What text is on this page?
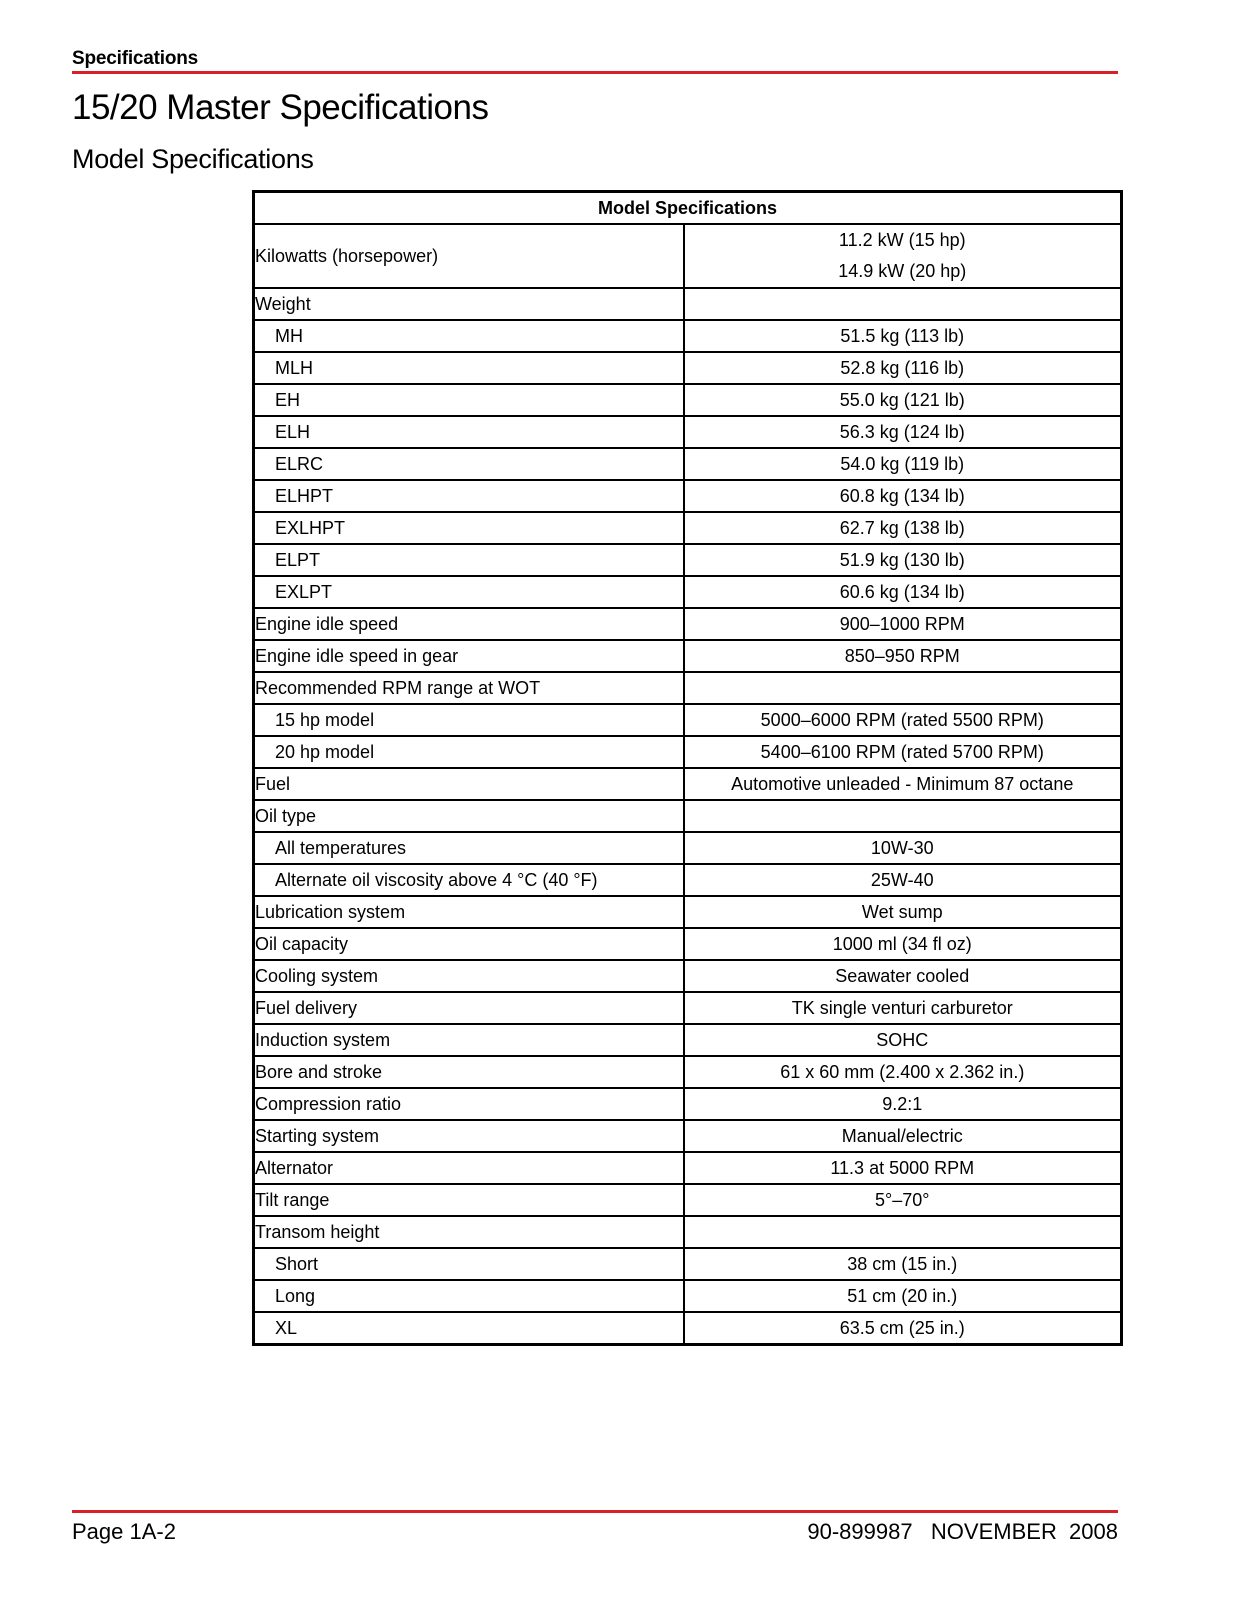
Specifications
15/20 Master Specifications
Model Specifications
Model Specifications	
Kilowatts (horsepower)	11.2 kW (15 hp)
14.9 kW (20 hp)

Weight	
MH	51.5 kg (113 lb)
MLH	52.8 kg (116 lb)
EH	55.0 kg (121 lb)
ELH	56.3 kg (124 lb)
ELRC	54.0 kg (119 lb)
ELHPT	60.8 kg (134 lb)
EXLHPT	62.7 kg (138 lb)
ELPT	51.9 kg (130 lb)
EXLPT	60.6 kg (134 lb)
Engine idle speed	900–1000 RPM
Engine idle speed in gear	850–950 RPM
Recommended RPM range at WOT	
15 hp model	5000–6000 RPM (rated 5500 RPM)
20 hp model	5400–6100 RPM (rated 5700 RPM)
Fuel	Automotive unleaded - Minimum 87 octane
Oil type	
All temperatures	10W-30
Alternate oil viscosity above 4 °C (40 °F)	25W-40
Lubrication system	Wet sump
Oil capacity	1000 ml (34 fl oz)
Cooling system	Seawater cooled
Fuel delivery	TK single venturi carburetor
Induction system	SOHC
Bore and stroke	61 x 60 mm (2.400 x 2.362 in.)
Compression ratio	9.2:1
Starting system	Manual/electric
Alternator	11.3 at 5000 RPM
Tilt range	5°–70°
Transom height	
Short	38 cm (15 in.)
Long	51 cm (20 in.)
XL	63.5 cm (25 in.)
Page 1A-2	90-899987   NOVEMBER  2008
